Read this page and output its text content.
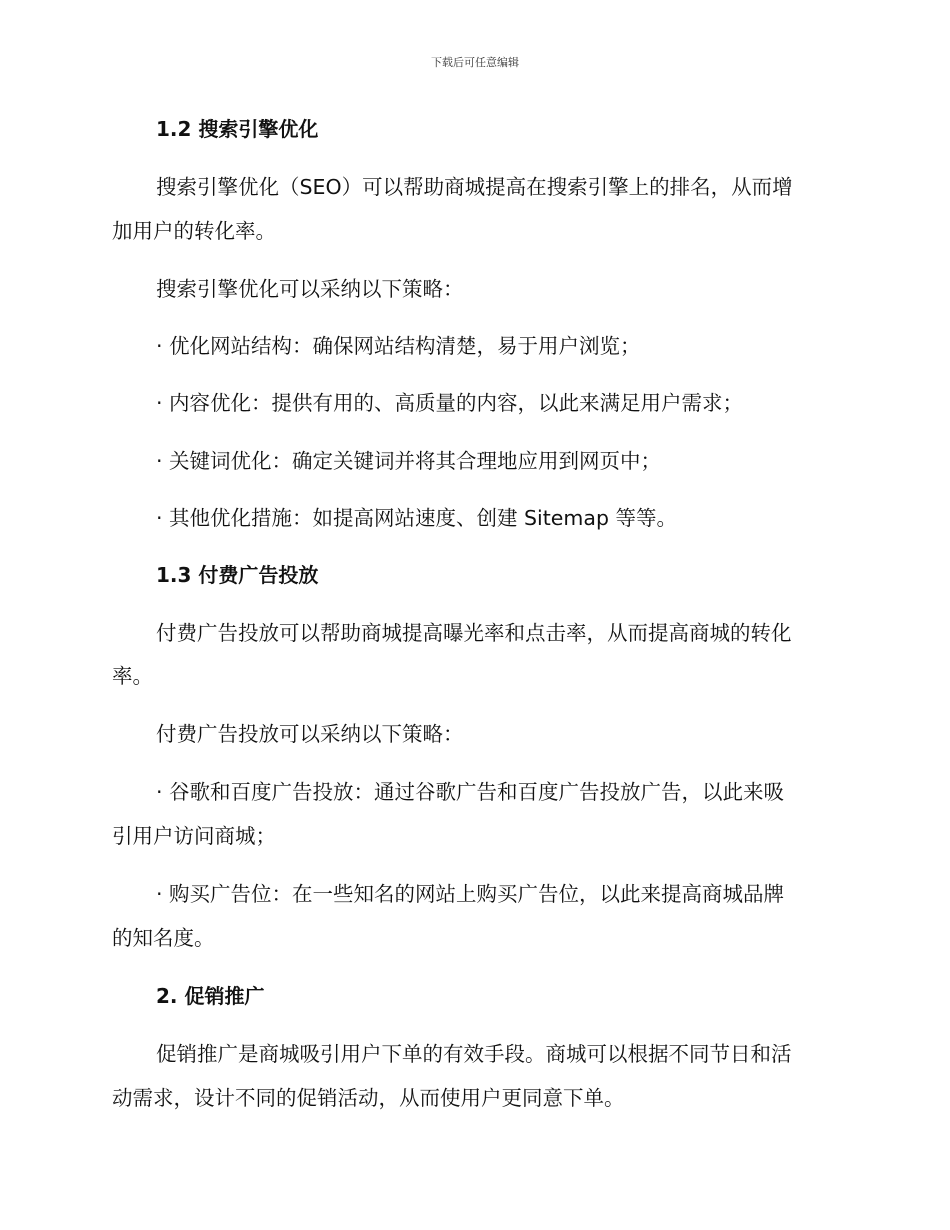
下载后可任意编辑
1.2 搜索引擎优化
搜索引擎优化（SEO）可以帮助商城提高在搜索引擎上的排名，从而增
加用户的转化率。
搜索引擎优化可以采纳以下策略：
· 优化网站结构：确保网站结构清楚，易于用户浏览；
· 内容优化：提供有用的、高质量的内容，以此来满足用户需求；
· 关键词优化：确定关键词并将其合理地应用到网页中；
· 其他优化措施：如提高网站速度、创建 Sitemap 等等。
1.3 付费广告投放
付费广告投放可以帮助商城提高曝光率和点击率，从而提高商城的转化
率。
付费广告投放可以采纳以下策略：
· 谷歌和百度广告投放：通过谷歌广告和百度广告投放广告，以此来吸
引用户访问商城；
· 购买广告位：在一些知名的网站上购买广告位，以此来提高商城品牌
的知名度。
2. 促销推广
促销推广是商城吸引用户下单的有效手段。商城可以根据不同节日和活
动需求，设计不同的促销活动，从而使用户更同意下单。
